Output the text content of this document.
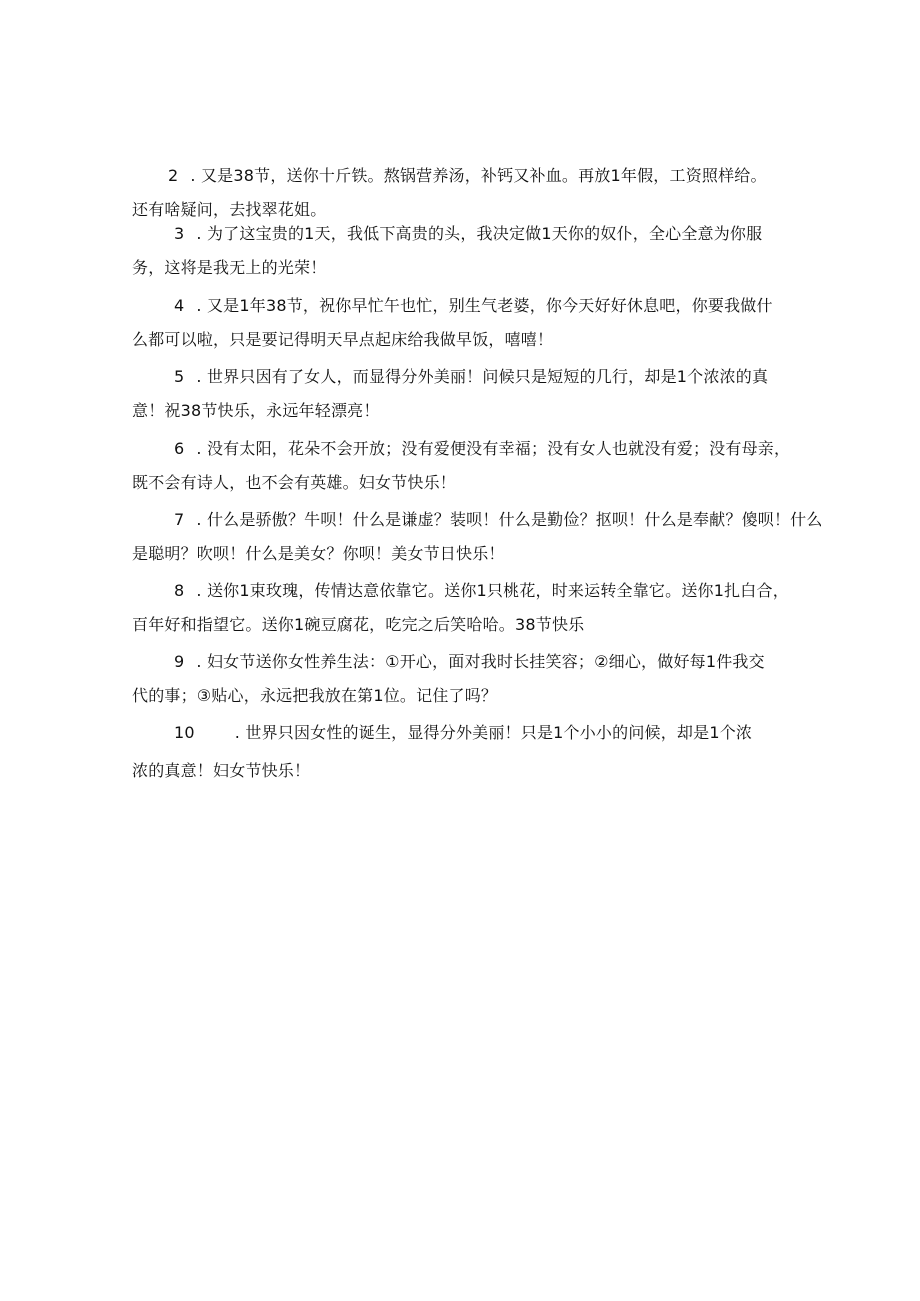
2 . 又是38节，送你十斤铁。熬锅营养汤，补钙又补血。再放1年假，工资照样给。
还有啥疑问，去找翠花姐。
3 . 为了这宝贵的1天，我低下高贵的头，我决定做1天你的奴仆，全心全意为你服
务，这将是我无上的光荣！
4 . 又是1年38节，祝你早忙午也忙，别生气老婆，你今天好好休息吧，你要我做什
么都可以啦，只是要记得明天早点起床给我做早饭，嘻嘻！
5 . 世界只因有了女人，而显得分外美丽！问候只是短短的几行，却是1个浓浓的真
意！祝38节快乐，永远年轻漂亮！
6 . 没有太阳，花朵不会开放；没有爱便没有幸福；没有女人也就没有爱；没有母亲，
既不会有诗人，也不会有英雄。妇女节快乐！
7 . 什么是骄傲？牛呗！什么是谦虚？装呗！什么是勤俭？抠呗！什么是奉献？傻呗！什么
是聪明？吹呗！什么是美女？你呗！美女节日快乐！
8 . 送你1束玫瑰，传情达意依靠它。送你1只桃花，时来运转全靠它。送你1扎白合，
百年好和指望它。送你1碗豆腐花，吃完之后笑哈哈。38节快乐
9 . 妇女节送你女性养生法：①开心，面对我时长挂笑容；②细心，做好每1件我交
代的事；③贴心，永远把我放在第1位。记住了吗？
10	. 世界只因女性的诞生，显得分外美丽！只是1个小小的问候，却是1个浓
浓的真意！妇女节快乐！
